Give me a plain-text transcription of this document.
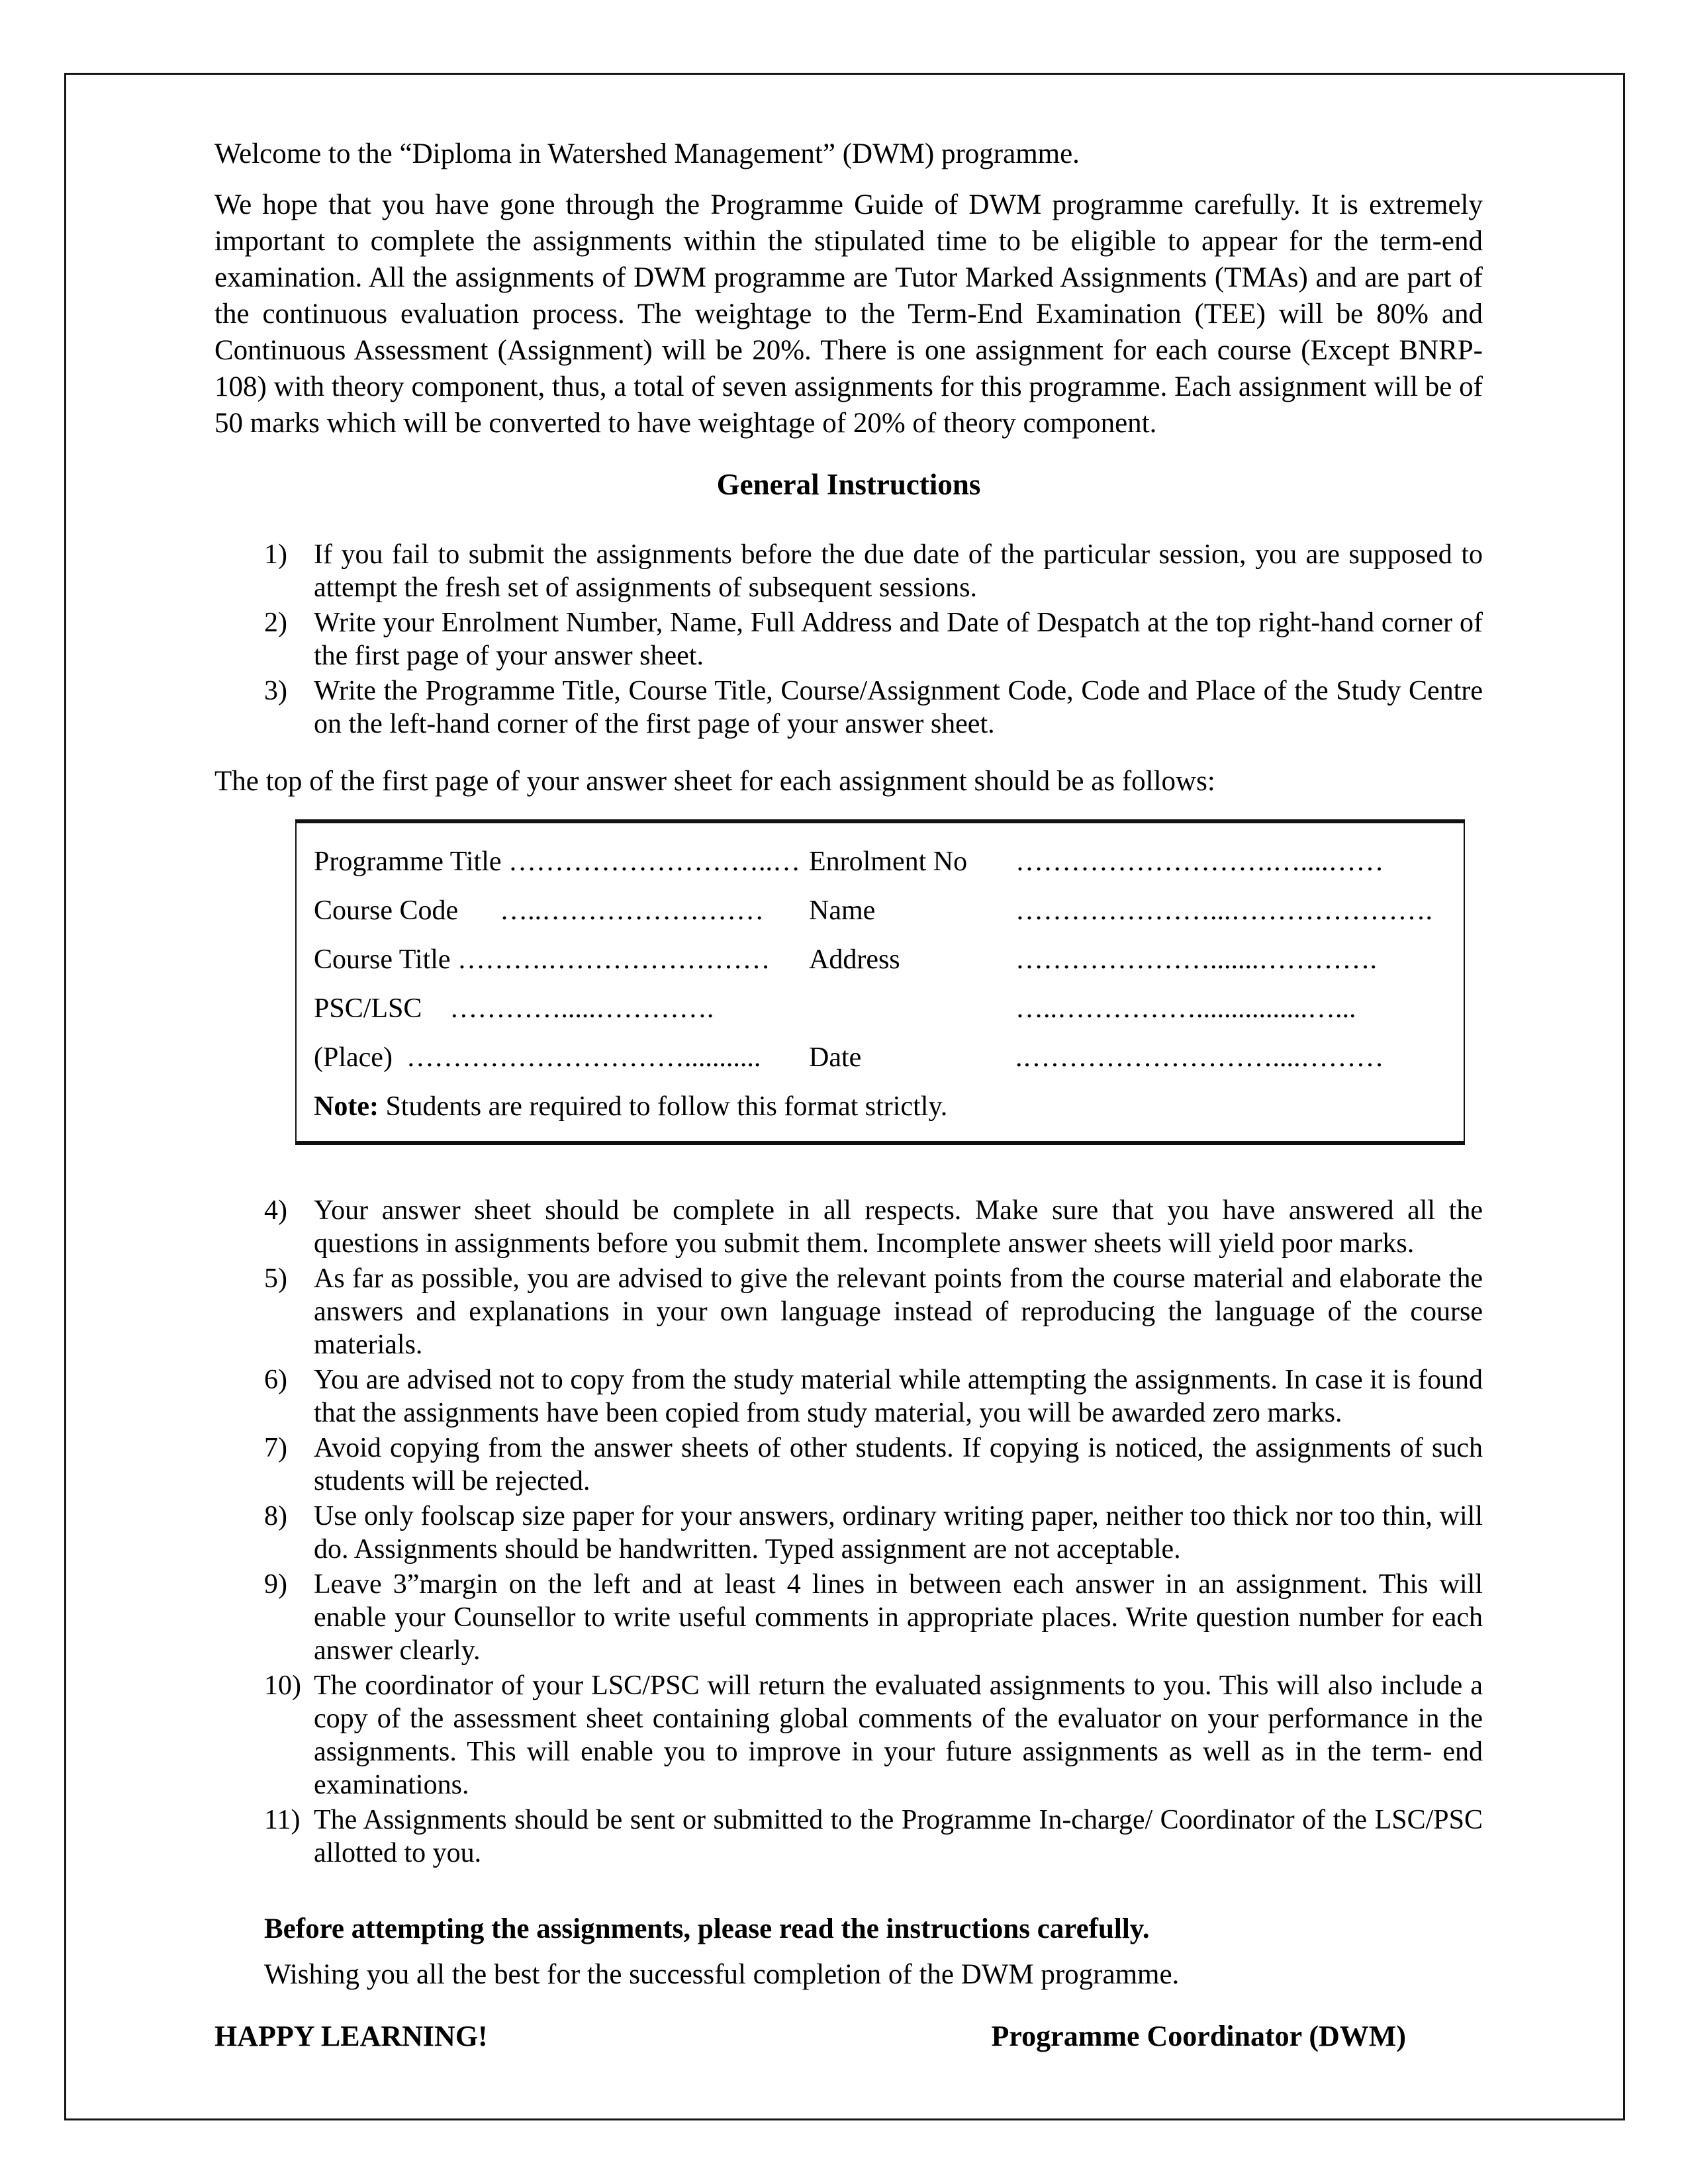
Welcome to the “Diploma in Watershed Management” (DWM) programme.

We hope that you have gone through the Programme Guide of DWM programme carefully. It is extremely important to complete the assignments within the stipulated time to be eligible to appear for the term-end examination. All the assignments of DWM programme are Tutor Marked Assignments (TMAs) and are part of the continuous evaluation process. The weightage to the Term-End Examination (TEE) will be 80% and Continuous Assessment (Assignment) will be 20%. There is one assignment for each course (Except BNRP-108) with theory component, thus, a total of seven assignments for this programme. Each assignment will be of 50 marks which will be converted to have weightage of 20% of theory component.

General Instructions
1) If you fail to submit the assignments before the due date of the particular session, you are supposed to attempt the fresh set of assignments of subsequent sessions.
2) Write your Enrolment Number, Name, Full Address and Date of Despatch at the top right-hand corner of the first page of your answer sheet.
3) Write the Programme Title, Course Title, Course/Assignment Code, Code and Place of the Study Centre on the left-hand corner of the first page of your answer sheet.

The top of the first page of your answer sheet for each assignment should be as follows:

Programme Title ………………………..… Enrolment No	……………………….…....……
Course Code      …..……………………	Name	…………………...………………….
Course Title ……….……………………	Address	………………….......………….
PSC/LSC    ………….....………….	…..……………................…...
(Place)  …………………………...........	Date	.………………………....………
Note: Students are required to follow this format strictly.
4) Your answer sheet should be complete in all respects. Make sure that you have answered all the questions in assignments before you submit them. Incomplete answer sheets will yield poor marks.
5) As far as possible, you are advised to give the relevant points from the course material and elaborate the answers and explanations in your own language instead of reproducing the language of the course materials.
6) You are advised not to copy from the study material while attempting the assignments. In case it is found that the assignments have been copied from study material, you will be awarded zero marks.
7) Avoid copying from the answer sheets of other students. If copying is noticed, the assignments of such students will be rejected.
8) Use only foolscap size paper for your answers, ordinary writing paper, neither too thick nor too thin, will do. Assignments should be handwritten. Typed assignment are not acceptable.
9) Leave 3”margin on the left and at least 4 lines in between each answer in an assignment. This will enable your Counsellor to write useful comments in appropriate places. Write question number for each answer clearly.
10) The coordinator of your LSC/PSC will return the evaluated assignments to you. This will also include a copy of the assessment sheet containing global comments of the evaluator on your performance in the assignments. This will enable you to improve in your future assignments as well as in the term- end examinations.
11) The Assignments should be sent or submitted to the Programme In-charge/ Coordinator of the LSC/PSC allotted to you.

Before attempting the assignments, please read the instructions carefully.

Wishing you all the best for the successful completion of the DWM programme.

HAPPY LEARNING!	Programme Coordinator (DWM)
